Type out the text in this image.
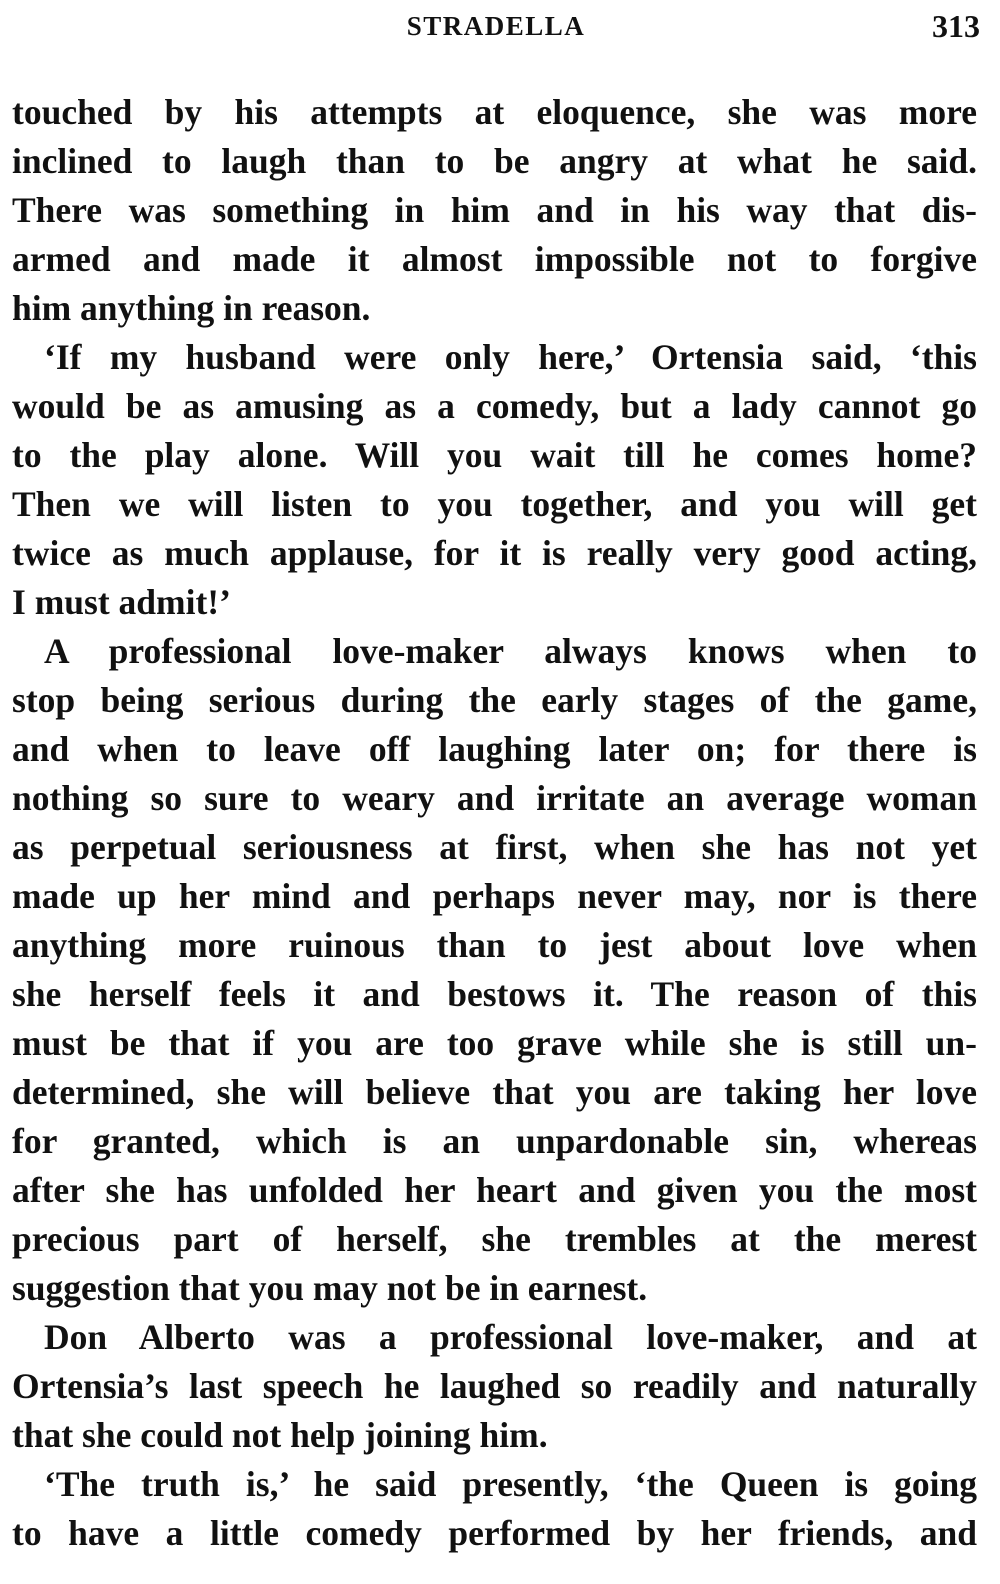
STRADELLA	313
touched by his attempts at eloquence, she was more
inclined to laugh than to be angry at what he said.
There was something in him and in his way that dis-
armed and made it almost impossible not to forgive
him anything in reason.
‘If my husband were only here,’ Ortensia said, ‘this
would be as amusing as a comedy, but a lady cannot go
to the play alone. Will you wait till he comes home?
Then we will listen to you together, and you will get
twice as much applause, for it is really very good acting,
I must admit!’
A professional love-maker always knows when to
stop being serious during the early stages of the game,
and when to leave off laughing later on; for there is
nothing so sure to weary and irritate an average woman
as perpetual seriousness at first, when she has not yet
made up her mind and perhaps never may, nor is there
anything more ruinous than to jest about love when
she herself feels it and bestows it. The reason of this
must be that if you are too grave while she is still un-
determined, she will believe that you are taking her love
for granted, which is an unpardonable sin, whereas
after she has unfolded her heart and given you the most
precious part of herself, she trembles at the merest
suggestion that you may not be in earnest.
Don Alberto was a professional love-maker, and at
Ortensia’s last speech he laughed so readily and naturally
that she could not help joining him.
‘The truth is,’ he said presently, ‘the Queen is going
to have a little comedy performed by her friends, and
